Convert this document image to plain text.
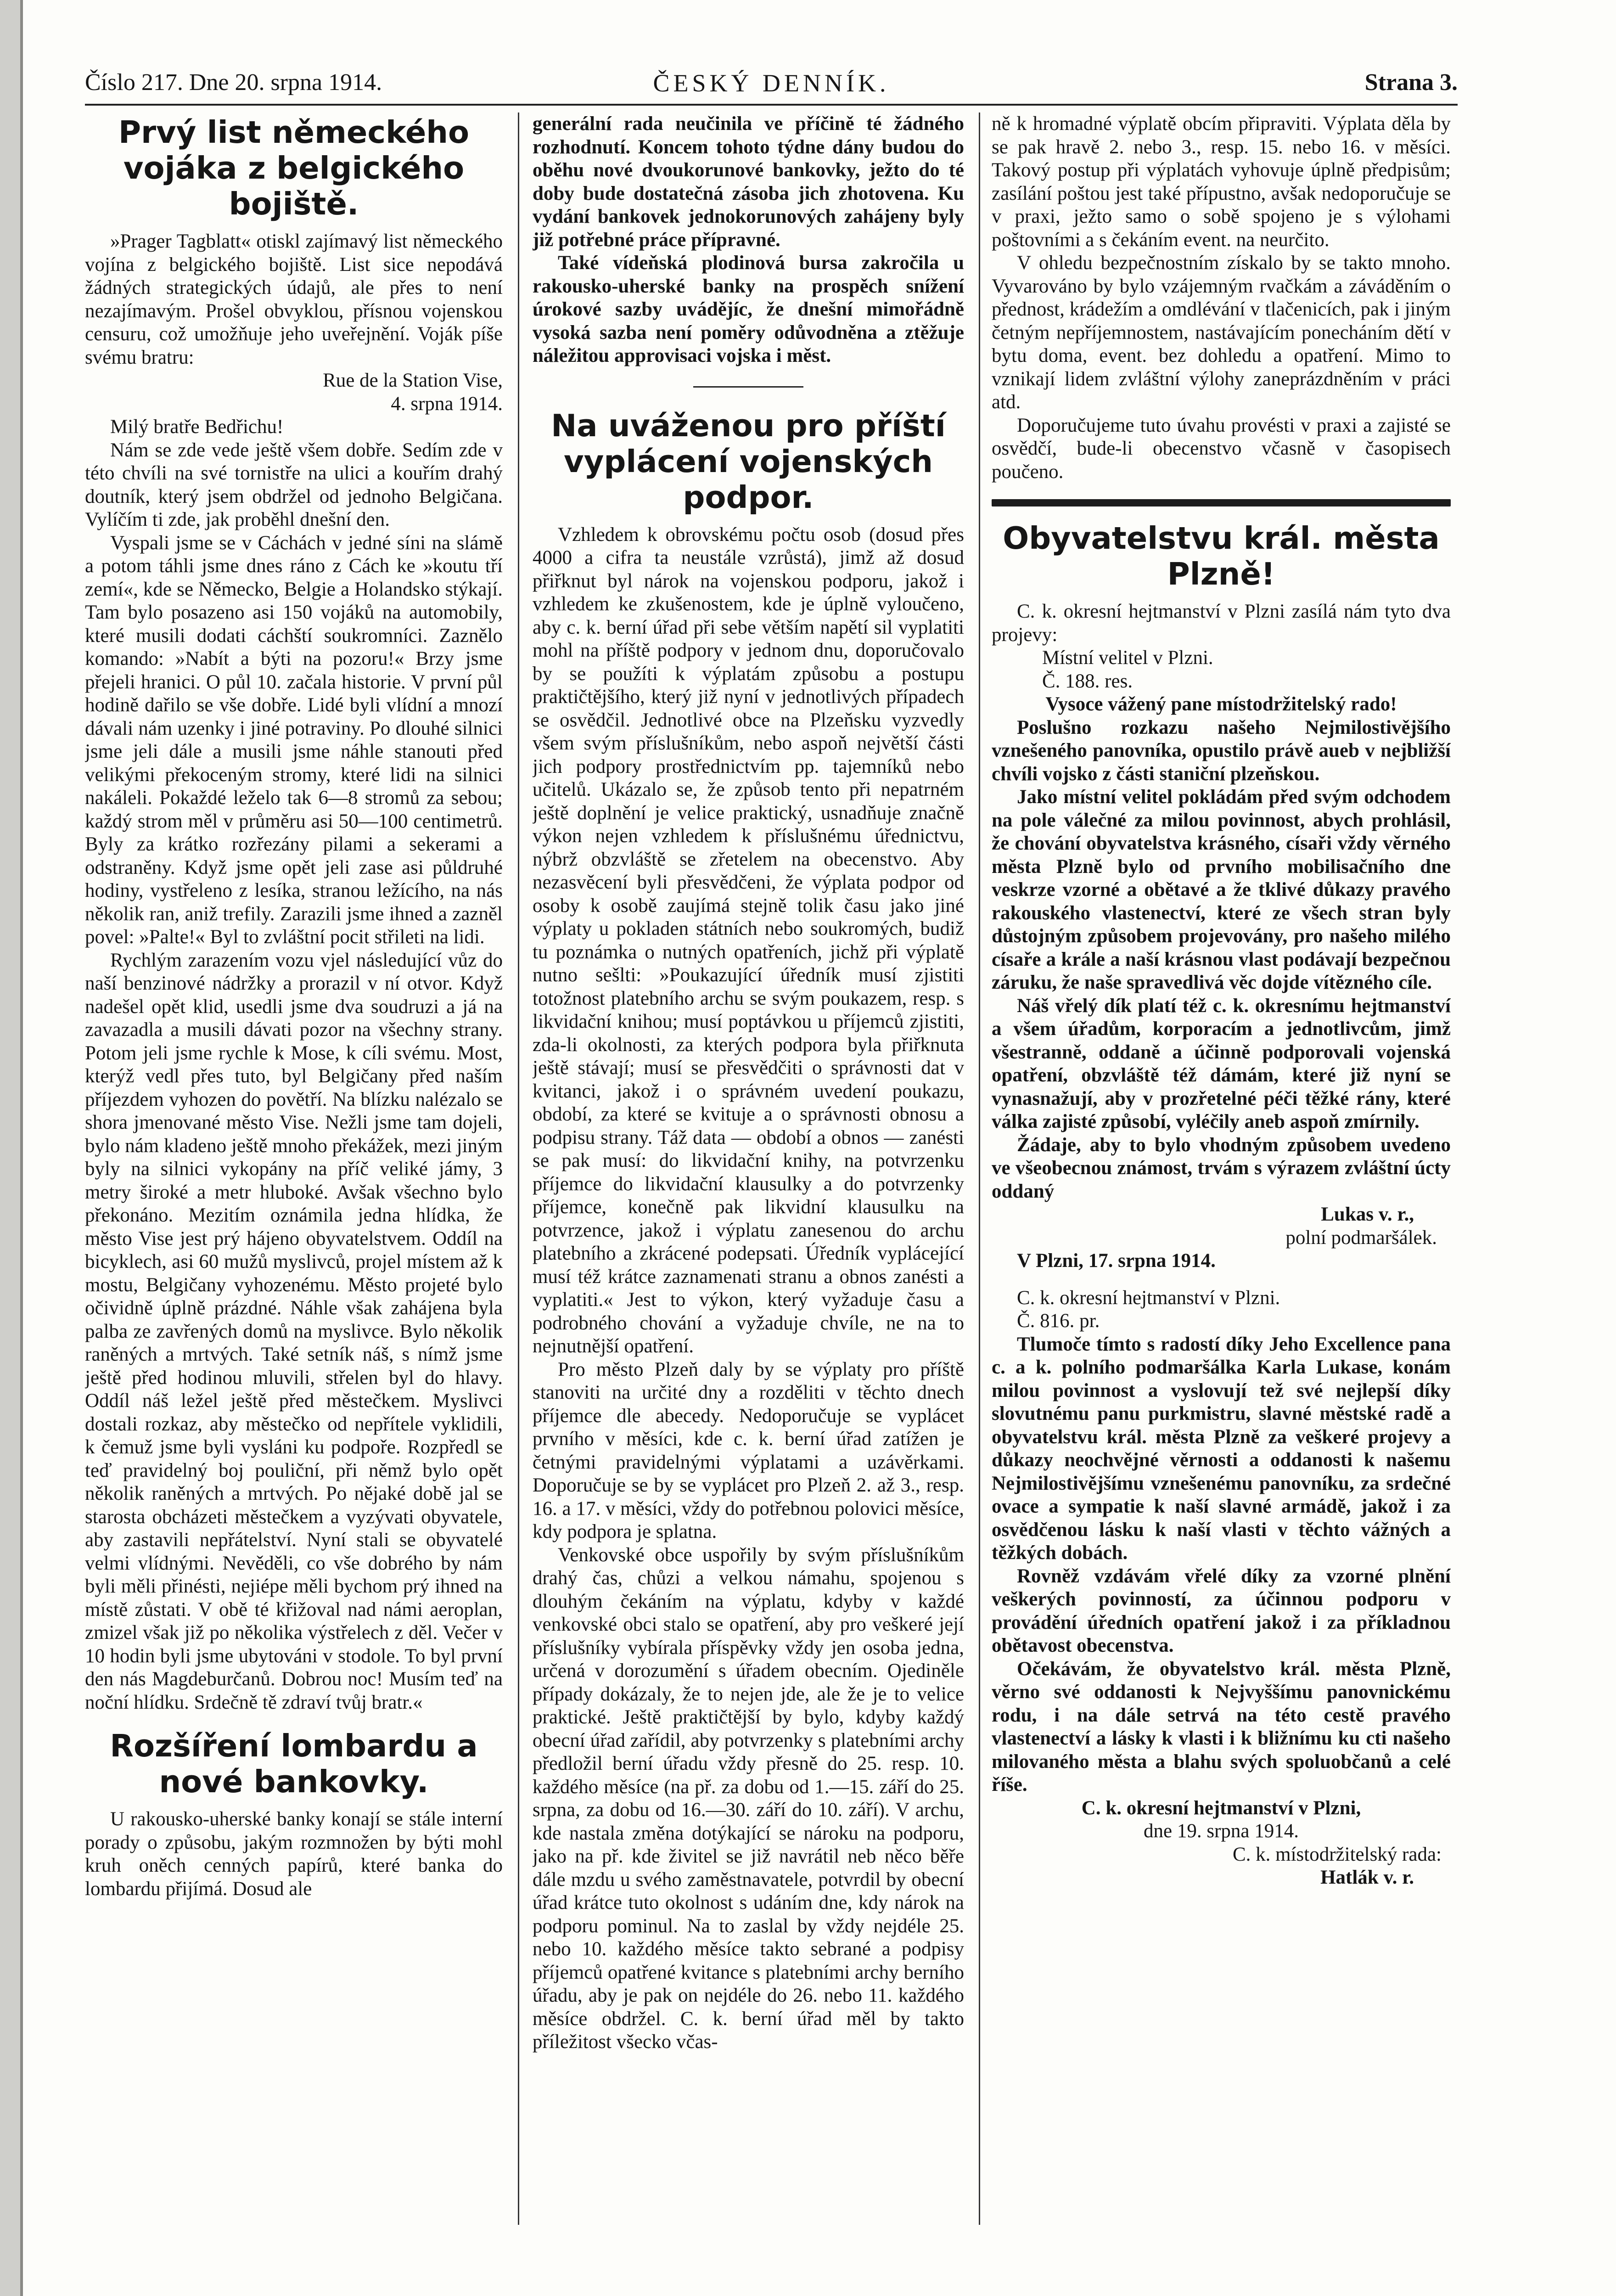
Číslo 217. Dne 20. srpna 1914.	ČESKÝ DENNÍK.	Strana 3.
Prvý list německého vojáka z belgického bojiště.

»Prager Tagblatt« otiskl zajímavý list německého vojína z belgického bojiště. List sice nepodává žádných strategických údajů, ale přes to není nezajímavým. Prošel obvyklou, přísnou vojenskou censuru, což umožňuje jeho uveřejnění. Voják píše svému bratru:

Rue de la Station Vise,
4. srpna 1914.

Milý bratře Bedřichu!

Nám se zde vede ještě všem dobře. Sedím zde v této chvíli na své tornistře na ulici a kouřím drahý doutník, který jsem obdržel od jednoho Belgičana. Vylíčím ti zde, jak proběhl dnešní den.

Vyspali jsme se v Cáchách v jedné síni na slámě a potom táhli jsme dnes ráno z Cách ke »koutu tří zemí«, kde se Německo, Belgie a Holandsko stýkají. Tam bylo posazeno asi 150 vojáků na automobily, které musili dodati cáchští soukromníci. Zaznělo komando: »Nabít a býti na pozoru!« Brzy jsme přejeli hranici. O půl 10. začala historie. V první půl hodině dařilo se vše dobře. Lidé byli vlídní a mnozí dávali nám uzenky i jiné potraviny. Po dlouhé silnici jsme jeli dále a musili jsme náhle stanouti před velikými překoceným stromy, které lidi na silnici nakáleli. Pokaždé leželo tak 6—8 stromů za sebou; každý strom měl v průměru asi 50—100 centimetrů. Byly za krátko rozřezány pilami a sekerami a odstraněny. Když jsme opět jeli zase asi půldruhé hodiny, vystřeleno z lesíka, stranou ležícího, na nás několik ran, aniž trefily. Zarazili jsme ihned a zazněl povel: »Palte!« Byl to zvláštní pocit střileti na lidi.

Rychlým zarazením vozu vjel následující vůz do naší benzinové nádržky a prorazil v ní otvor. Když nadešel opět klid, usedli jsme dva soudruzi a já na zavazadla a musili dávati pozor na všechny strany. Potom jeli jsme rychle k Mose, k cíli svému. Most, kterýž vedl přes tuto, byl Belgičany před naším příjezdem vyhozen do povětří. Na blízku nalézalo se shora jmenované město Vise. Nežli jsme tam dojeli, bylo nám kladeno ještě mnoho překážek, mezi jiným byly na silnici vykopány na příč veliké jámy, 3 metry široké a metr hluboké. Avšak všechno bylo překonáno. Mezitím oznámila jedna hlídka, že město Vise jest prý hájeno obyvatelstvem. Oddíl na bicyklech, asi 60 mužů myslivců, projel místem až k mostu, Belgičany vyhozenému. Město projeté bylo očividně úplně prázdné. Náhle však zahájena byla palba ze zavřených domů na myslivce. Bylo několik raněných a mrtvých. Také setník náš, s nímž jsme ještě před hodinou mluvili, střelen byl do hlavy. Oddíl náš ležel ještě před městečkem. Myslivci dostali rozkaz, aby městečko od nepřítele vyklidili, k čemuž jsme byli vysláni ku podpoře. Rozpředl se teď pravidelný boj pouliční, při němž bylo opět několik raněných a mrtvých. Po nějaké době jal se starosta obcházeti městečkem a vyzývati obyvatele, aby zastavili nepřátelství. Nyní stali se obyvatelé velmi vlídnými. Nevěděli, co vše dobrého by nám byli měli přinésti, nejiépe měli bychom prý ihned na místě zůstati. V obě té křižoval nad námi aeroplan, zmizel však již po několika výstřelech z děl. Večer v 10 hodin byli jsme ubytováni v stodole. To byl první den nás Magdeburčanů. Dobrou noc! Musím teď na noční hlídku. Srdečně tě zdraví tvůj bratr.«

Rozšíření lombardu a nové bankovky.

U rakousko-uherské banky konají se stále interní porady o způsobu, jakým rozmnožen by býti mohl kruh oněch cenných papírů, které banka do lombardu přijímá. Dosud ale

generální rada neučinila ve příčině té žádného rozhodnutí. Koncem tohoto týdne dány budou do oběhu nové dvoukorunové bankovky, ježto do té doby bude dostatečná zásoba jich zhotovena. Ku vydání bankovek jednokorunových zahájeny byly již potřebné práce přípravné.

Také vídeňská plodinová bursa zakročila u rakousko-uherské banky na prospěch snížení úrokové sazby uvádějíc, že dnešní mimořádně vysoká sazba není poměry odůvodněna a ztěžuje náležitou approvisaci vojska i měst.

Na uváženou pro příští vyplácení vojenských podpor.

Vzhledem k obrovskému počtu osob (dosud přes 4000 a cifra ta neustále vzrůstá), jimž až dosud přiřknut byl nárok na vojenskou podporu, jakož i vzhledem ke zkušenostem, kde je úplně vyloučeno, aby c. k. berní úřad při sebe větším napětí sil vyplatiti mohl na příště podpory v jednom dnu, doporučovalo by se použíti k výplatám způsobu a postupu praktičtějšího, který již nyní v jednotlivých případech se osvědčil. Jednotlivé obce na Plzeňsku vyzvedly všem svým příslušníkům, nebo aspoň největší části jich podpory prostřednictvím pp. tajemníků nebo učitelů. Ukázalo se, že způsob tento při nepatrném ještě doplnění je velice praktický, usnadňuje značně výkon nejen vzhledem k příslušnému úřednictvu, nýbrž obzvláště se zřetelem na obecenstvo. Aby nezasvěcení byli přesvědčeni, že výplata podpor od osoby k osobě zaujímá stejně tolik času jako jiné výplaty u pokladen státních nebo soukromých, budiž tu poznámka o nutných opatřeních, jichž při výplatě nutno sešlti: »Poukazující úředník musí zjistiti totožnost platebního archu se svým poukazem, resp. s likvidační knihou; musí poptávkou u příjemců zjistiti, zda-li okolnosti, za kterých podpora byla přiřknuta ještě stávají; musí se přesvědčiti o správnosti dat v kvitanci, jakož i o správném uvedení poukazu, období, za které se kvituje a o správnosti obnosu a podpisu strany. Táž data — období a obnos — zanésti se pak musí: do likvidační knihy, na potvrzenku příjemce do likvidační klausulky a do potvrzenky příjemce, konečně pak likvidní klausulku na potvrzence, jakož i výplatu zanesenou do archu platebního a zkrácené podepsati. Úředník vyplácející musí též krátce zaznamenati stranu a obnos zanésti a vyplatiti.« Jest to výkon, který vyžaduje času a podrobného chování a vyžaduje chvíle, ne na to nejnutnější opatření.

Pro město Plzeň daly by se výplaty pro příště stanoviti na určité dny a rozděliti v těchto dnech příjemce dle abecedy. Nedoporučuje se vyplácet prvního v měsíci, kde c. k. berní úřad zatížen je četnými pravidelnými výplatami a uzávěrkami. Doporučuje se by se vyplácet pro Plzeň 2. až 3., resp. 16. a 17. v měsíci, vždy do potřebnou polovici měsíce, kdy podpora je splatna.

Venkovské obce uspořily by svým příslušníkům drahý čas, chůzi a velkou námahu, spojenou s dlouhým čekáním na výplatu, kdyby v každé venkovské obci stalo se opatření, aby pro veškeré její příslušníky vybírala příspěvky vždy jen osoba jedna, určená v dorozumění s úřadem obecním. Ojediněle případy dokázaly, že to nejen jde, ale že je to velice praktické. Ještě praktičtější by bylo, kdyby každý obecní úřad zařídil, aby potvrzenky s platebními archy předložil berní úřadu vždy přesně do 25. resp. 10. každého měsíce (na př. za dobu od 1.—15. září do 25. srpna, za dobu od 16.—30. září do 10. září). V archu, kde nastala změna dotýkající se nároku na podporu, jako na př. kde živitel se již navrátil neb něco běře dále mzdu u svého zaměstnavatele, potvrdil by obecní úřad krátce tuto okolnost s udáním dne, kdy nárok na podporu pominul. Na to zaslal by vždy nejdéle 25. nebo 10. každého měsíce takto sebrané a podpisy příjemců opatřené kvitance s platebními archy berního úřadu, aby je pak on nejdéle do 26. nebo 11. každého měsíce obdržel. C. k. berní úřad měl by takto příležitost všecko včas-

ně k hromadné výplatě obcím připraviti. Výplata děla by se pak hravě 2. nebo 3., resp. 15. nebo 16. v měsíci. Takový postup při výplatách vyhovuje úplně předpisům; zasílání poštou jest také přípustno, avšak nedoporučuje se v praxi, ježto samo o sobě spojeno je s výlohami poštovními a s čekáním event. na neurčito.

V ohledu bezpečnostním získalo by se takto mnoho. Vyvarováno by bylo vzájemným rvačkám a záváděním o přednost, krádežím a omdlévání v tlačenicích, pak i jiným četným nepříjemnostem, nastávajícím ponecháním dětí v bytu doma, event. bez dohledu a opatření. Mimo to vznikají lidem zvláštní výlohy zaneprázdněním v práci atd.

Doporučujeme tuto úvahu provésti v praxi a zajisté se osvědčí, bude-li obecenstvo včasně v časopisech poučeno.

Obyvatelstvu král. města Plzně!

C. k. okresní hejtmanství v Plzni zasílá nám tyto dva projevy:

Místní velitel v Plzni.
Č. 188. res.
Vysoce vážený pane místodržitelský rado!

Poslušno rozkazu našeho Nejmilostivějšího vznešeného panovníka, opustilo právě aueb v nejbližší chvíli vojsko z části staniční plzeňskou.

Jako místní velitel pokládám před svým odchodem na pole válečné za milou povinnost, abych prohlásil, že chování obyvatelstva krásného, císaři vždy věrného města Plzně bylo od prvního mobilisačního dne veskrze vzorné a obětavé a že tklivé důkazy pravého rakouského vlastenectví, které ze všech stran byly důstojným způsobem projevovány, pro našeho milého císaře a krále a naší krásnou vlast podávají bezpečnou záruku, že naše spravedlivá věc dojde vítězného cíle.

Náš vřelý dík platí též c. k. okresnímu hejtmanství a všem úřadům, korporacím a jednotlivcům, jimž všestranně, oddaně a účinně podporovali vojenská opatření, obzvláště též dámám, které již nyní se vynasnažují, aby v prozřetelné péči těžké rány, které válka zajisté způsobí, vyléčily aneb aspoň zmírnily.

Žádaje, aby to bylo vhodným způsobem uvedeno ve všeobecnou známost, trvám s výrazem zvláštní úcty oddaný

Lukas v. r.,
polní podmaršálek.

V Plzni, 17. srpna 1914.

C. k. okresní hejtmanství v Plzni.

Č. 816. pr.

Tlumoče tímto s radostí díky Jeho Excellence pana c. a k. polního podmaršálka Karla Lukase, konám milou povinnost a vyslovují tež své nejlepší díky slovutnému panu purkmistru, slavné městské radě a obyvatelstvu král. města Plzně za veškeré projevy a důkazy neochvějné věrnosti a oddanosti k našemu Nejmilostivějšímu vznešenému panovníku, za srdečné ovace a sympatie k naší slavné armádě, jakož i za osvědčenou lásku k naší vlasti v těchto vážných a těžkých dobách.

Rovněž vzdávám vřelé díky za vzorné plnění veškerých povinností, za účinnou podporu v provádění úředních opatření jakož i za příkladnou obětavost obecenstva.

Očekávám, že obyvatelstvo král. města Plzně, věrno své oddanosti k Nejvyššímu panovnickému rodu, i na dále setrvá na této cestě pravého vlastenectví a lásky k vlasti i k bližnímu ku cti našeho milovaného města a blahu svých spoluobčanů a celé říše.

C. k. okresní hejtmanství v Plzni,
dne 19. srpna 1914.
C. k. místodržitelský rada:
Hatlák v. r.
